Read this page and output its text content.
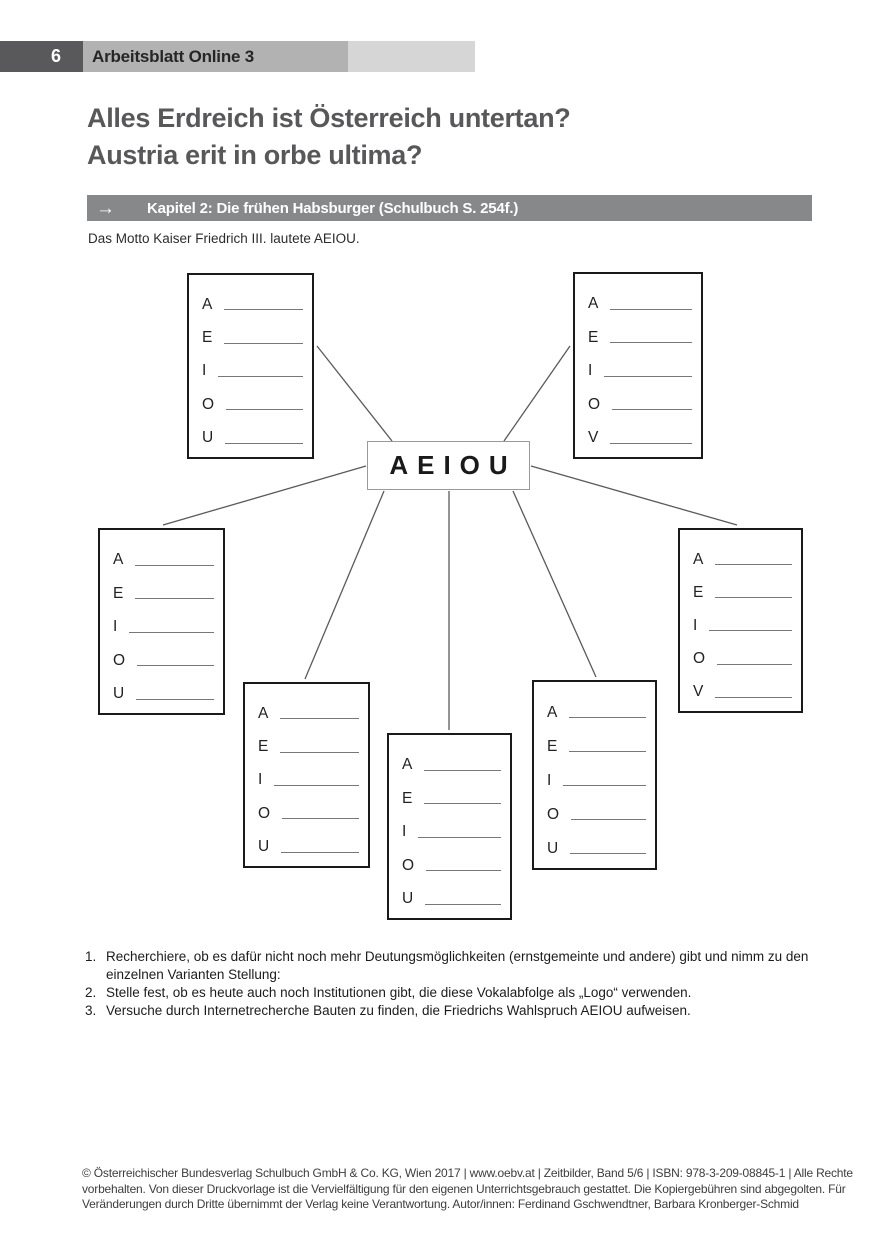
6	Arbeitsblatt Online 3
Alles Erdreich ist Österreich untertan?
Austria erit in orbe ultima?
→	Kapitel 2: Die frühen Habsburger (Schulbuch S. 254f.)
Das Motto Kaiser Friedrich III. lautete AEIOU.
AEIOU
A
E
I
O
U
A
E
I
O
V
A
E
I
O
U
A
E
I
O
V
A
E
I
O
U
A
E
I
O
U
A
E
I
O
U
1. Recherchiere, ob es dafür nicht noch mehr Deutungsmöglichkeiten (ernstgemeinte und andere) gibt und nimm zu den einzelnen Varianten Stellung:
2. Stelle fest, ob es heute auch noch Institutionen gibt, die diese Vokalabfolge als „Logo“ verwenden.
3. Versuche durch Internetrecherche Bauten zu finden, die Friedrichs Wahlspruch AEIOU aufweisen.
© Österreichischer Bundesverlag Schulbuch GmbH & Co. KG, Wien 2017 | www.oebv.at | Zeitbilder, Band 5/6 | ISBN: 978-3-209-08845-1 | Alle Rechte vorbehalten. Von dieser Druckvorlage ist die Vervielfältigung für den eigenen Unterrichtsgebrauch gestattet. Die Kopiergebühren sind abgegolten. Für Veränderungen durch Dritte übernimmt der Verlag keine Verantwortung. Autor/innen: Ferdinand Gschwendtner, Barbara Kronberger-Schmid
